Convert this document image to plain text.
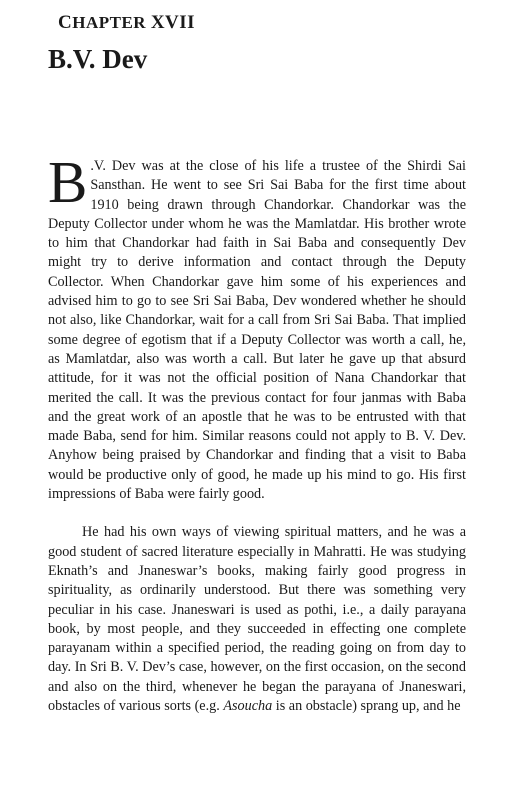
CHAPTER XVII
B.V. Dev

B .V. Dev was at the close of his life a trustee of the Shirdi Sai Sansthan. He went to see Sri Sai Baba for the first time about 1910 being drawn through Chandorkar. Chandorkar was the Deputy Collector under whom he was the Mamlatdar. His brother wrote to him that Chandorkar had faith in Sai Baba and consequently Dev might try to derive information and contact through the Deputy Collector. When Chandorkar gave him some of his experiences and advised him to go to see Sri Sai Baba, Dev wondered whether he should not also, like Chandorkar, wait for a call from Sri Sai Baba. That implied some degree of egotism that if a Deputy Collector was worth a call, he, as Mamlatdar, also was worth a call. But later he gave up that absurd attitude, for it was not the official position of Nana Chandorkar that merited the call. It was the previous contact for four janmas with Baba and the great work of an apostle that he was to be entrusted with that made Baba, send for him. Similar reasons could not apply to B. V. Dev. Anyhow being praised by Chandorkar and finding that a visit to Baba would be productive only of good, he made up his mind to go. His first impressions of Baba were fairly good.

He had his own ways of viewing spiritual matters, and he was a good student of sacred literature especially in Mahratti. He was studying Eknath’s and Jnaneswar’s books, making fairly good progress in spirituality, as ordinarily understood. But there was something very peculiar in his case. Jnaneswari is used as pothi, i.e., a daily parayana book, by most people, and they succeeded in effecting one complete parayanam within a specified period, the reading going on from day to day. In Sri B. V. Dev’s case, however, on the first occasion, on the second and also on the third, whenever he began the parayana of Jnaneswari, obstacles of various sorts (e.g. Asoucha is an obstacle) sprang up, and he
